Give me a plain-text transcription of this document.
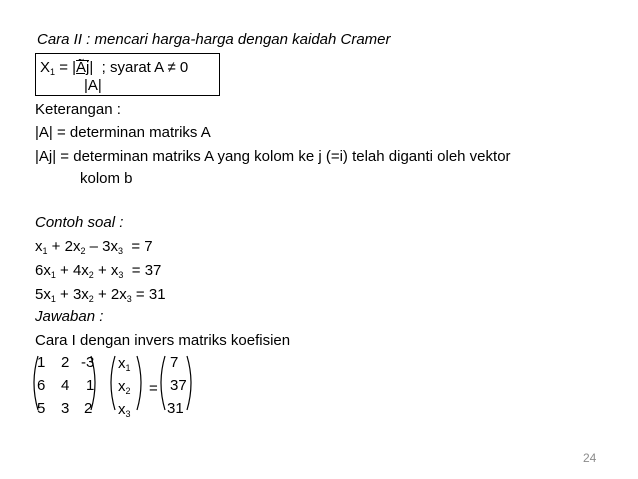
Cara II : mencari harga-harga dengan kaidah Cramer
$X_1$ = |Ãj| ; syarat A ≠ 0
|A|
Keterangan :
|A| = determinan matriks A
|Aj| = determinan matriks A yang kolom ke j (=i) telah diganti oleh vektor
kolom b
Contoh soal :
$x_1 + 2x_2 - 3x_3 = 7$
$6x_1 + 4x_2 + x_3 = 37$
$5x_1 + 3x_2 + 2x_3 = 31$
Jawaban :
Cara I dengan invers matriks koefisien
1 2 -3
6 4 1
5 3 2
$x_1$
$x_2$
$x_3$
=
7
37
31
24
